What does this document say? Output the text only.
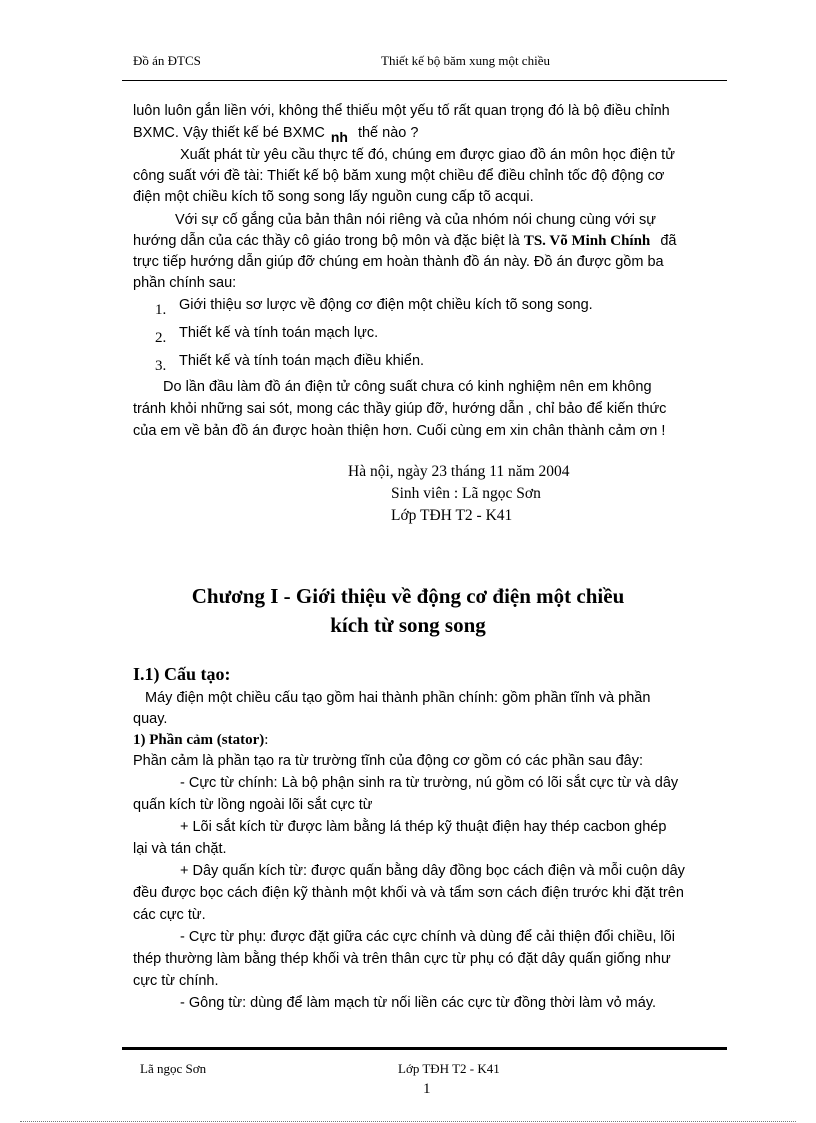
Đồ án ĐTCS	Thiết kế bộ băm xung một chiều
luôn luôn gắn liền với, không thể thiếu một yếu tố rất quan trọng đó là bộ điều chỉnh
BXMC. Vậy thiết kế bé BXMC nh thế nào ?
Xuất phát từ yêu cầu thực tế đó, chúng em được giao đồ án môn học điện tử
công suất với đề tài: Thiết kế bộ băm xung một chiều để điều chỉnh tốc độ động cơ
điện một chiều kích tõ song song lấy nguồn cung cấp tõ acqui.
Với sự cố gắng của bản thân nói riêng và của nhóm nói chung cùng với sự
hướng dẫn của các thầy cô giáo trong bộ môn và đặc biệt là TS. Võ Minh Chính đã
trực tiếp hướng dẫn giúp đỡ chúng em hoàn thành đồ án này. Đồ án được gồm ba
phần chính sau:
1. Giới thiệu sơ lược về động cơ điện một chiều kích tõ song song.
2. Thiết kế và tính toán mạch lực.
3. Thiết kế và tính toán mạch điều khiển.
Do lần đầu làm đồ án điện tử công suất chưa có kinh nghiệm nên em không
tránh khỏi những sai sót, mong các thầy giúp đỡ, hướng dẫn , chỉ bảo để kiến thức
của em về bản đồ án được hoàn thiện hơn. Cuối cùng em xin chân thành cảm ơn !
Hà nội, ngày 23 tháng 11 năm 2004
Sinh viên : Lã ngọc Sơn
Lớp TĐH T2 - K41
Chương I - Giới thiệu về động cơ điện một chiều
kích từ song song
I.1) Cấu tạo:
Máy điện một chiều cấu tạo gồm hai thành phần chính: gồm phần tĩnh và phần
quay.
1) Phần cảm (stator):
Phần cảm là phần tạo ra từ trường tĩnh của động cơ gồm có các phần sau đây:
- Cực từ chính: Là bộ phận sinh ra từ trường, nú gồm có lõi sắt cực từ và dây
quấn kích từ lồng ngoài lõi sắt cực từ
+ Lõi sắt kích từ được làm bằng lá thép kỹ thuật điện hay thép cacbon ghép
lại và tán chặt.
+ Dây quấn kích từ: được quấn bằng dây đồng bọc cách điện và mỗi cuộn dây
đều được bọc cách điện kỹ thành một khối và và tẩm sơn cách điện trước khi đặt trên
các cực từ.
- Cực từ phụ: được đặt giữa các cực chính và dùng để cải thiện đổi chiều, lõi
thép thường làm bằng thép khối và trên thân cực từ phụ có đặt dây quấn giống như
cực từ chính.
- Gông từ: dùng để làm mạch từ nối liền các cực từ đồng thời làm vỏ máy.
Lã ngọc Sơn	Lớp TĐH T2 - K41
1
